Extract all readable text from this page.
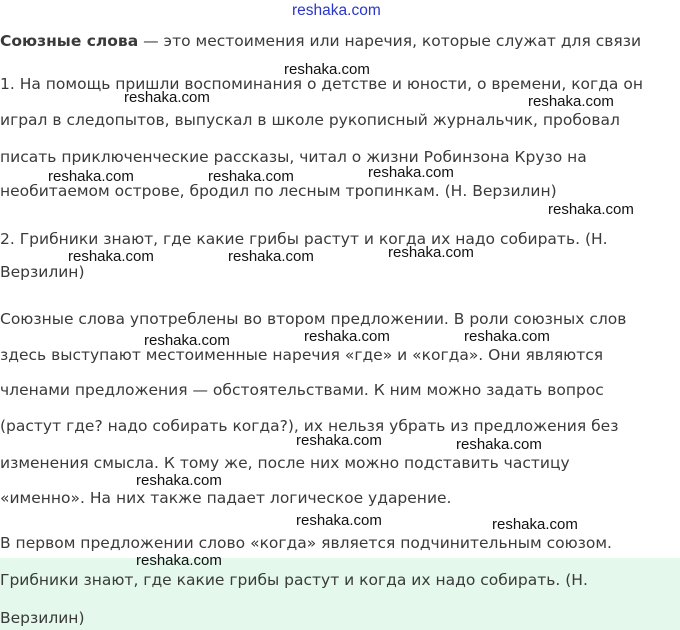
reshaka.com
Союзные слова — это местоимения или наречия, которые служат для связи
1. На помощь пришли воспоминания о детстве и юности, о времени, когда он
играл в следопытов, выпускал в школе рукописный журнальчик, пробовал
писать приключенческие рассказы, читал о жизни Робинзона Крузо на
необитаемом острове, бродил по лесным тропинкам. (Н. Верзилин)
2. Грибники знают, где какие грибы растут и когда их надо собирать. (Н.
Верзилин)
Союзные слова употреблены во втором предложении. В роли союзных слов
здесь выступают местоименные наречия «где» и «когда». Они являются
членами предложения — обстоятельствами. К ним можно задать вопрос
(растут где? надо собирать когда?), их нельзя убрать из предложения без
изменения смысла. К тому же, после них можно подставить частицу
«именно». На них также падает логическое ударение.
В первом предложении слово «когда» является подчинительным союзом.
Грибники знают, где какие грибы растут и когда их надо собирать. (Н.
Верзилин)
reshaka.com
reshaka.com	reshaka.com
reshaka.com	reshaka.com	reshaka.com
reshaka.com
reshaka.com	reshaka.com	reshaka.com
reshaka.com	reshaka.com	reshaka.com
reshaka.com	reshaka.com
reshaka.com
reshaka.com	reshaka.com
reshaka.com
